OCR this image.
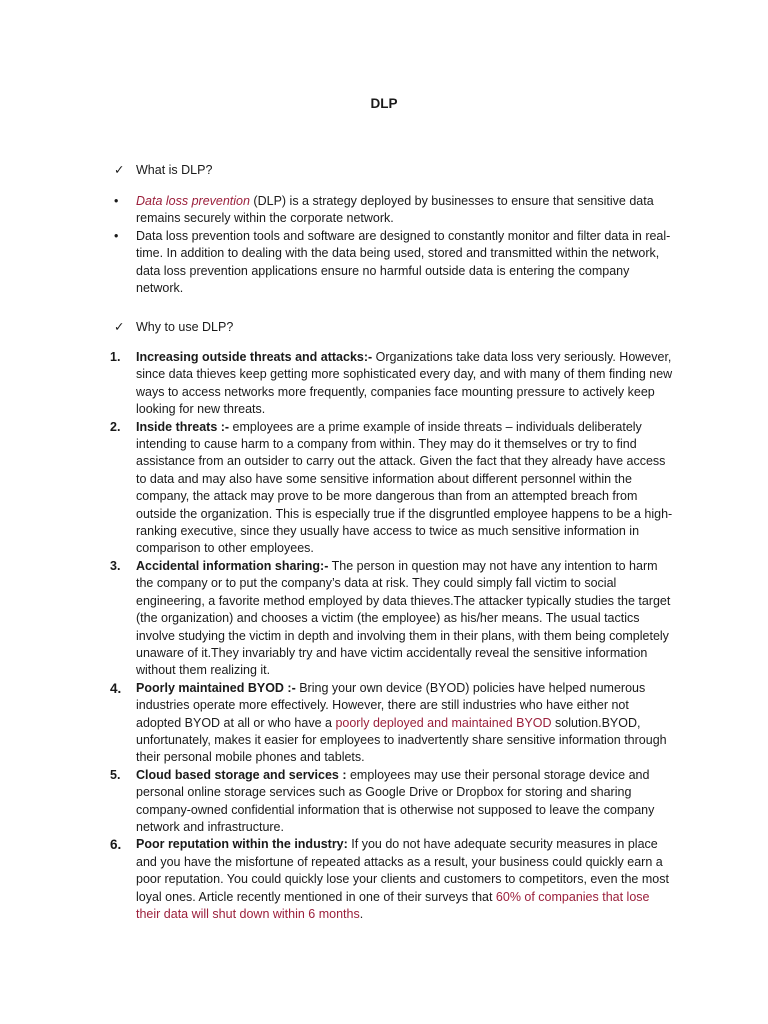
DLP
✓ What is DLP?
• Data loss prevention (DLP) is a strategy deployed by businesses to ensure that sensitive data remains securely within the corporate network.
• Data loss prevention tools and software are designed to constantly monitor and filter data in real-time. In addition to dealing with the data being used, stored and transmitted within the network, data loss prevention applications ensure no harmful outside data is entering the company network.
✓ Why to use DLP?
1. Increasing outside threats and attacks:- Organizations take data loss very seriously. However, since data thieves keep getting more sophisticated every day, and with many of them finding new ways to access networks more frequently, companies face mounting pressure to actively keep looking for new threats.
2. Inside threats :- employees are a prime example of inside threats – individuals deliberately intending to cause harm to a company from within. They may do it themselves or try to find assistance from an outsider to carry out the attack. Given the fact that they already have access to data and may also have some sensitive information about different personnel within the company, the attack may prove to be more dangerous than from an attempted breach from outside the organization. This is especially true if the disgruntled employee happens to be a high-ranking executive, since they usually have access to twice as much sensitive information in comparison to other employees.
3. Accidental information sharing:- The person in question may not have any intention to harm the company or to put the company’s data at risk. They could simply fall victim to social engineering, a favorite method employed by data thieves.The attacker typically studies the target (the organization) and chooses a victim (the employee) as his/her means. The usual tactics involve studying the victim in depth and involving them in their plans, with them being completely unaware of it.They invariably try and have victim accidentally reveal the sensitive information without them realizing it.
4. Poorly maintained BYOD :- Bring your own device (BYOD) policies have helped numerous industries operate more effectively. However, there are still industries who have either not adopted BYOD at all or who have a poorly deployed and maintained BYOD solution.BYOD, unfortunately, makes it easier for employees to inadvertently share sensitive information through their personal mobile phones and tablets.
5. Cloud based storage and services : employees may use their personal storage device and personal online storage services such as Google Drive or Dropbox for storing and sharing company-owned confidential information that is otherwise not supposed to leave the company network and infrastructure.
6. Poor reputation within the industry: If you do not have adequate security measures in place and you have the misfortune of repeated attacks as a result, your business could quickly earn a poor reputation. You could quickly lose your clients and customers to competitors, even the most loyal ones. Article recently mentioned in one of their surveys that 60% of companies that lose their data will shut down within 6 months.
